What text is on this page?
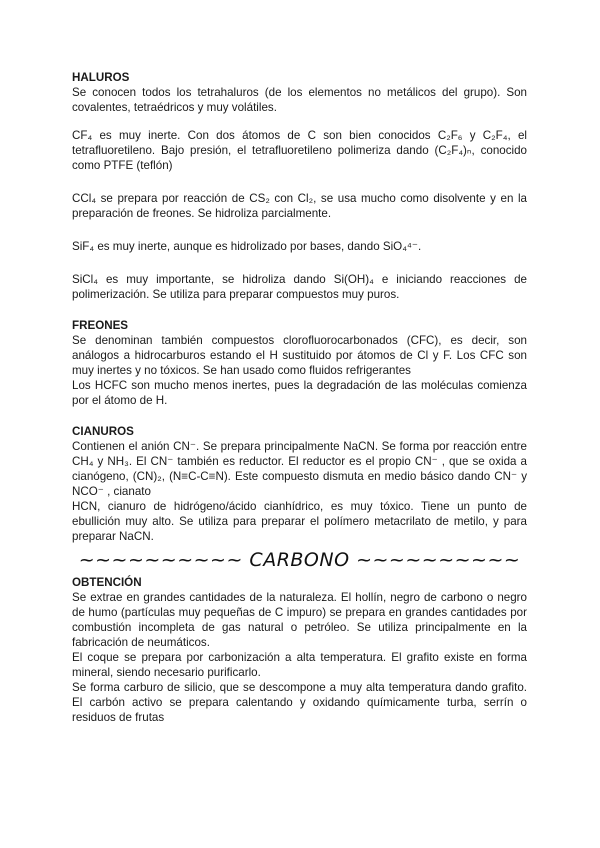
HALUROS

Se conocen todos los tetrahaluros (de los elementos no metálicos del grupo). Son covalentes, tetraédricos y muy volátiles.

CF₄ es muy inerte. Con dos átomos de C son bien conocidos C₂F₆ y C₂F₄, el tetrafluoretileno. Bajo presión, el tetrafluoretileno polimeriza dando (C₂F₄)ₙ, conocido como PTFE (teflón)

CCl₄ se prepara por reacción de CS₂ con Cl₂, se usa mucho como disolvente y en la preparación de freones. Se hidroliza parcialmente.

SiF₄ es muy inerte, aunque es hidrolizado por bases, dando SiO₄⁴⁻.

SiCl₄ es muy importante, se hidroliza dando Si(OH)₄ e iniciando reacciones de polimerización. Se utiliza para preparar compuestos muy puros.

FREONES

Se denominan también compuestos clorofluorocarbonados (CFC), es decir, son análogos a hidrocarburos estando el H sustituido por átomos de Cl y F. Los CFC son muy inertes y no tóxicos. Se han usado como fluidos refrigerantes

Los HCFC son mucho menos inertes, pues la degradación de las moléculas comienza por el átomo de H.

CIANUROS

Contienen el anión CN⁻. Se prepara principalmente NaCN. Se forma por reacción entre CH₄ y NH₃. El CN⁻ también es reductor. El reductor es el propio CN⁻ , que se oxida a cianógeno, (CN)₂, (N≡C-C≡N). Este compuesto dismuta en medio básico dando CN⁻ y NCO⁻ , cianato

HCN, cianuro de hidrógeno/ácido cianhídrico, es muy tóxico. Tiene un punto de ebullición muy alto. Se utiliza para preparar el polímero metacrilato de metilo, y para preparar NaCN.

~~~~~~~~~~ CARBONO ~~~~~~~~~~
OBTENCIÓN

Se extrae en grandes cantidades de la naturaleza. El hollín, negro de carbono o negro de humo (partículas muy pequeñas de C impuro) se prepara en grandes cantidades por combustión incompleta de gas natural o petróleo. Se utiliza principalmente en la fabricación de neumáticos.

El coque se prepara por carbonización a alta temperatura. El grafito existe en forma mineral, siendo necesario purificarlo.

Se forma carburo de silicio, que se descompone a muy alta temperatura dando grafito. El carbón activo se prepara calentando y oxidando químicamente turba, serrín o residuos de frutas
